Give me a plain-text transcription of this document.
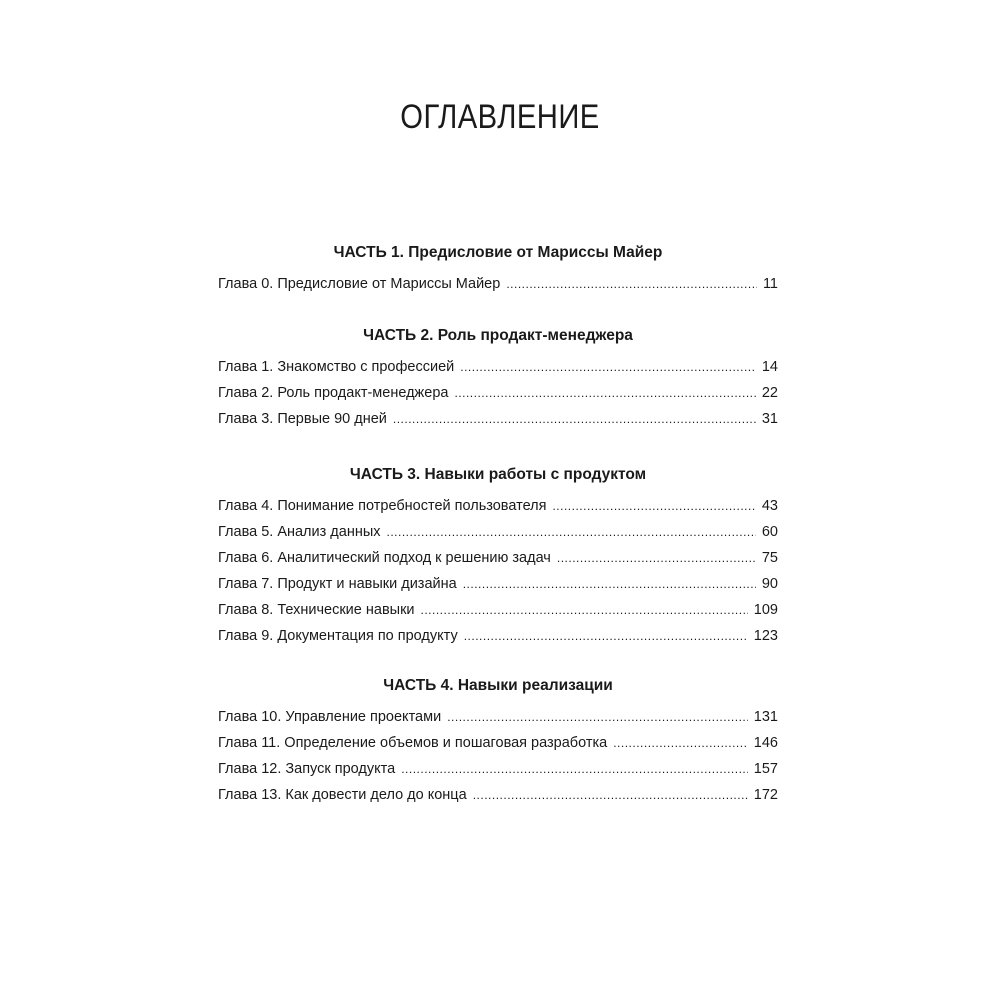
ОГЛАВЛЕНИЕ
ЧАСТЬ 1. Предисловие от Мариссы Майер
Глава 0. Предисловие от Мариссы Майер .....	11
ЧАСТЬ 2. Роль продакт-менеджера
Глава 1. Знакомство с профессией .....	14
Глава 2. Роль продакт-менеджера .....	22
Глава 3. Первые 90 дней .....	31
ЧАСТЬ 3. Навыки работы с продуктом
Глава 4. Понимание потребностей пользователя .....	43
Глава 5. Анализ данных .....	60
Глава 6. Аналитический подход к решению задач .....	75
Глава 7. Продукт и навыки дизайна .....	90
Глава 8. Технические навыки .....	109
Глава 9. Документация по продукту .....	123
ЧАСТЬ 4. Навыки реализации
Глава 10. Управление проектами .....	131
Глава 11. Определение объемов и пошаговая разработка .....	146
Глава 12. Запуск продукта .....	157
Глава 13. Как довести дело до конца .....	172
